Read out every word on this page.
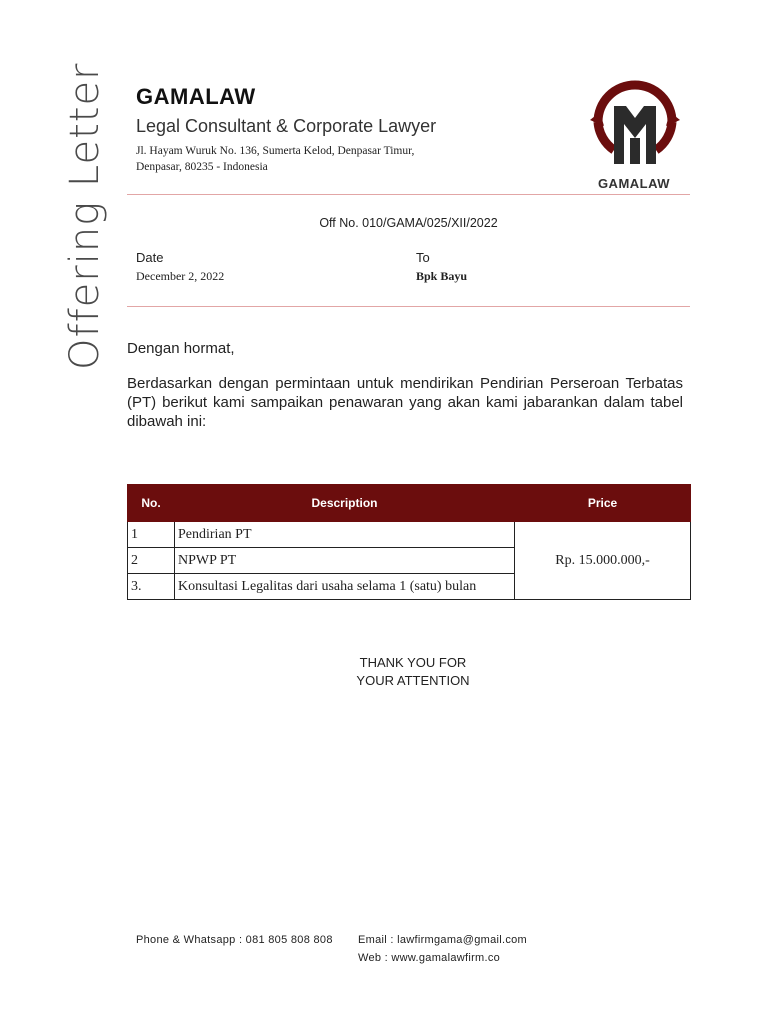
Offering Letter GAMALAW
Legal Consultant & Corporate Lawyer
Jl. Hayam Wuruk No. 136, Sumerta Kelod, Denpasar Timur,
Denpasar, 80235 - Indonesia
GAMALAW
Off No. 010/GAMA/025/XII/2022
Date
December 2, 2022
To
Bpk Bayu
Dengan hormat,
Berdasarkan dengan permintaan untuk mendirikan Pendirian Perseroan Terbatas (PT) berikut kami sampaikan penawaran yang akan kami jabarankan dalam tabel dibawah ini:
No.	Description	Price
1	Pendirian PT	Rp. 15.000.000,-
2	NPWP PT	
3.	Konsultasi Legalitas dari usaha selama 1 (satu) bulan	
THANK YOU FOR
YOUR ATTENTION
Phone & Whatsapp : 081 805 808 808 Email : lawfirmgama@gmail.com
Web : www.gamalawfirm.co
